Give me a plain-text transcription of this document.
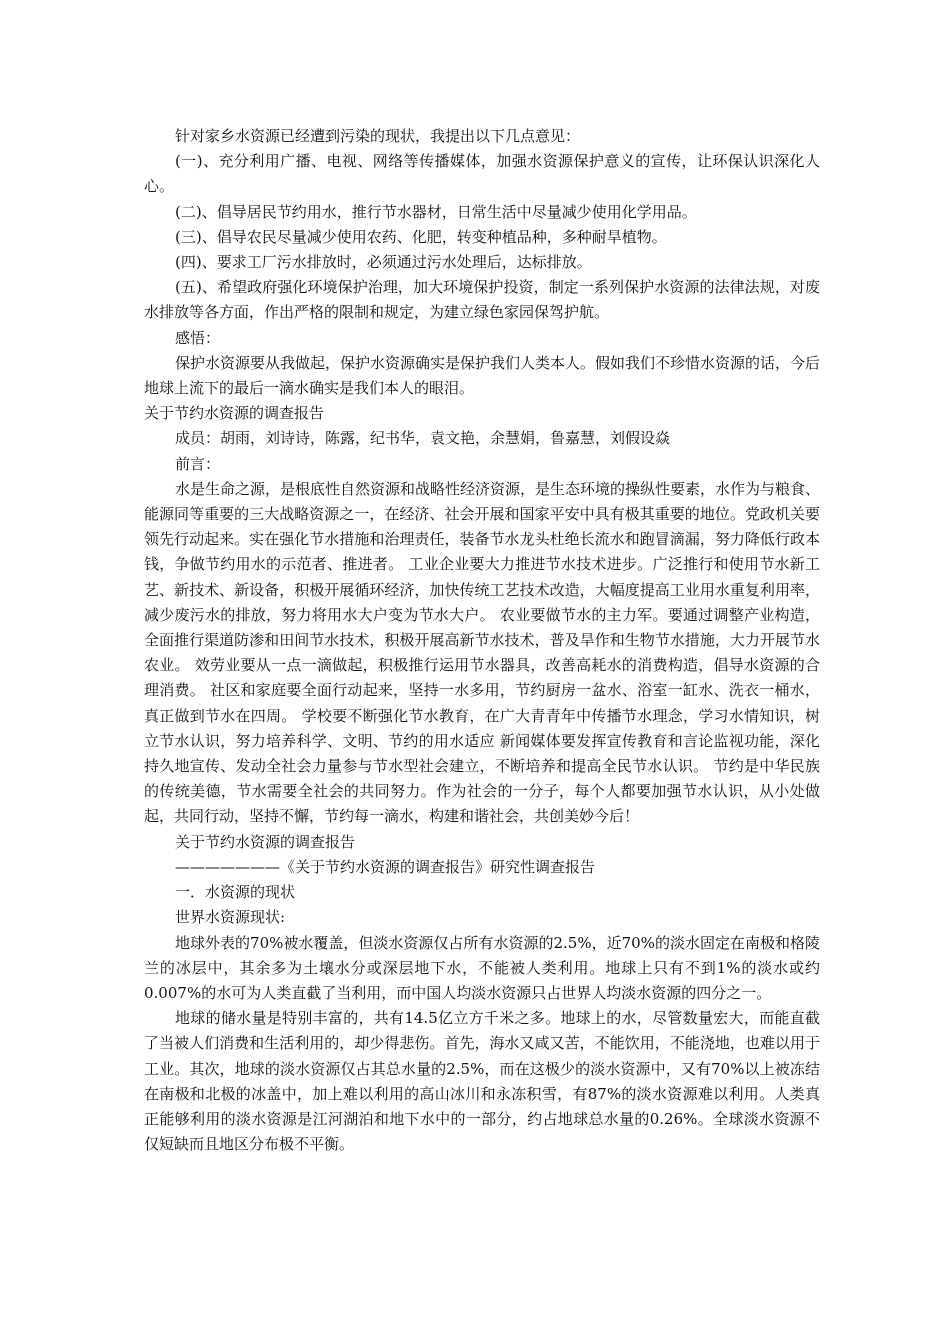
针对家乡水资源已经遭到污染的现状，我提出以下几点意见：

(一)、充分利用广播、电视、网络等传播媒体，加强水资源保护意义的宣传，让环保认识深化人心。

(二)、倡导居民节约用水，推行节水器材，日常生活中尽量减少使用化学用品。

(三)、倡导农民尽量减少使用农药、化肥，转变种植品种，多种耐旱植物。

(四)、要求工厂污水排放时，必须通过污水处理后，达标排放。

(五)、希望政府强化环境保护治理，加大环境保护投资，制定一系列保护水资源的法律法规，对废水排放等各方面，作出严格的限制和规定，为建立绿色家园保驾护航。

感悟：

保护水资源要从我做起，保护水资源确实是保护我们人类本人。假如我们不珍惜水资源的话，今后地球上流下的最后一滴水确实是我们本人的眼泪。

关于节约水资源的调查报告

成员：胡雨，刘诗诗，陈露，纪书华，袁文艳，余慧娟，鲁嘉慧，刘假设焱

前言：

水是生命之源，是根底性自然资源和战略性经济资源，是生态环境的操纵性要素，水作为与粮食、能源同等重要的三大战略资源之一，在经济、社会开展和国家平安中具有极其重要的地位。党政机关要领先行动起来。实在强化节水措施和治理责任，装备节水龙头杜绝长流水和跑冒滴漏，努力降低行政本钱，争做节约用水的示范者、推进者。 工业企业要大力推进节水技术进步。广泛推行和使用节水新工艺、新技术、新设备，积极开展循环经济，加快传统工艺技术改造，大幅度提高工业用水重复利用率，减少废污水的排放，努力将用水大户变为节水大户。 农业要做节水的主力军。要通过调整产业构造，全面推行渠道防渗和田间节水技术，积极开展高新节水技术，普及旱作和生物节水措施，大力开展节水农业。 效劳业要从一点一滴做起，积极推行运用节水器具，改善高耗水的消费构造，倡导水资源的合理消费。 社区和家庭要全面行动起来，坚持一水多用，节约厨房一盆水、浴室一缸水、洗衣一桶水，真正做到节水在四周。 学校要不断强化节水教育，在广大青青年中传播节水理念，学习水情知识，树立节水认识，努力培养科学、文明、节约的用水适应 新闻媒体要发挥宣传教育和言论监视功能，深化持久地宣传、发动全社会力量参与节水型社会建立，不断培养和提高全民节水认识。 节约是中华民族的传统美德，节水需要全社会的共同努力。作为社会的一分子，每个人都要加强节水认识，从小处做起，共同行动，坚持不懈，节约每一滴水，构建和谐社会，共创美妙今后！

关于节约水资源的调查报告

———————《关于节约水资源的调查报告》研究性调查报告

一．水资源的现状

世界水资源现状:

地球外表的70%被水覆盖，但淡水资源仅占所有水资源的2.5%，近70%的淡水固定在南极和格陵兰的冰层中，其余多为土壤水分或深层地下水，不能被人类利用。地球上只有不到1%的淡水或约0.007%的水可为人类直截了当利用，而中国人均淡水资源只占世界人均淡水资源的四分之一。

地球的储水量是特别丰富的，共有14.5亿立方千米之多。地球上的水，尽管数量宏大，而能直截了当被人们消费和生活利用的，却少得悲伤。首先，海水又咸又苦，不能饮用，不能浇地，也难以用于工业。其次，地球的淡水资源仅占其总水量的2.5%，而在这极少的淡水资源中，又有70%以上被冻结在南极和北极的冰盖中，加上难以利用的高山冰川和永冻积雪，有87%的淡水资源难以利用。人类真正能够利用的淡水资源是江河湖泊和地下水中的一部分，约占地球总水量的0.26%。全球淡水资源不仅短缺而且地区分布极不平衡。
